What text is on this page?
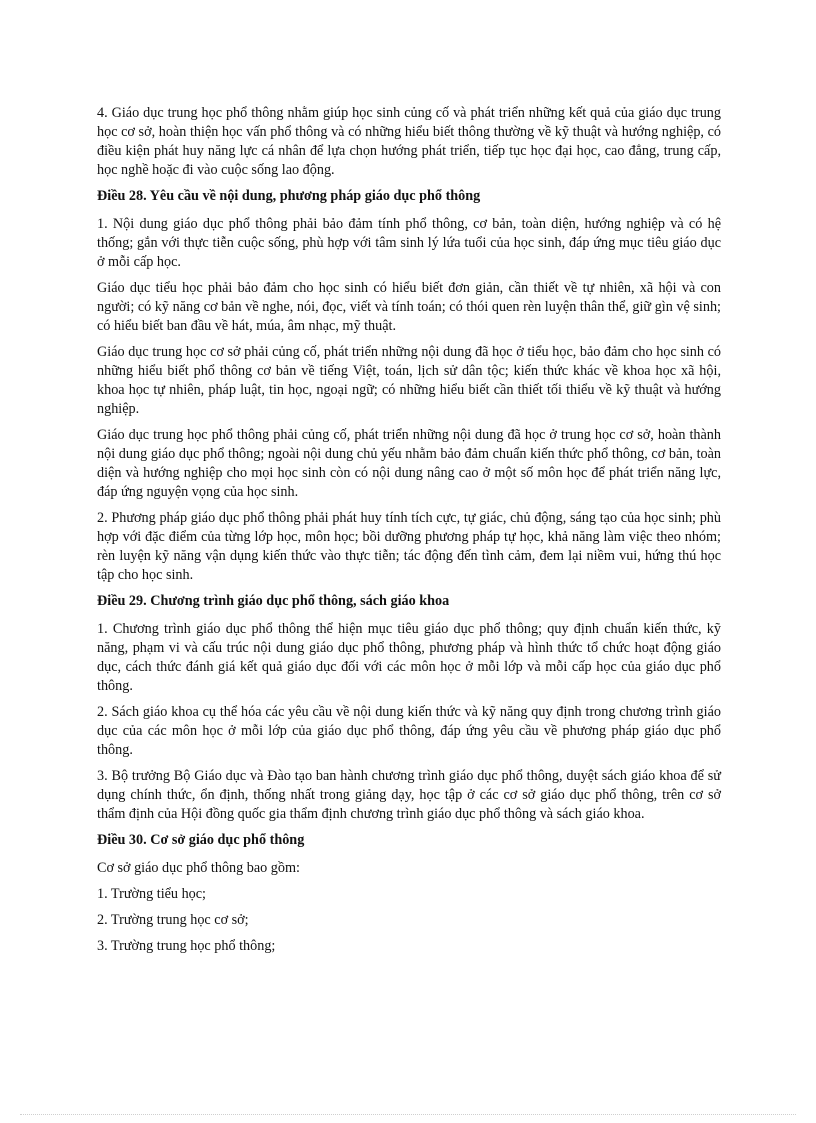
4. Giáo dục trung học phổ thông nhằm giúp học sinh củng cố và phát triển những kết quả của giáo dục trung học cơ sở, hoàn thiện học vấn phổ thông và có những hiểu biết thông thường về kỹ thuật và hướng nghiệp, có điều kiện phát huy năng lực cá nhân để lựa chọn hướng phát triển, tiếp tục học đại học, cao đẳng, trung cấp, học nghề hoặc đi vào cuộc sống lao động.

Điều 28. Yêu cầu về nội dung, phương pháp giáo dục phổ thông

1. Nội dung giáo dục phổ thông phải bảo đảm tính phổ thông, cơ bản, toàn diện, hướng nghiệp và có hệ thống; gắn với thực tiễn cuộc sống, phù hợp với tâm sinh lý lứa tuổi của học sinh, đáp ứng mục tiêu giáo dục ở mỗi cấp học.

Giáo dục tiểu học phải bảo đảm cho học sinh có hiểu biết đơn giản, cần thiết về tự nhiên, xã hội và con người; có kỹ năng cơ bản về nghe, nói, đọc, viết và tính toán; có thói quen rèn luyện thân thể, giữ gìn vệ sinh; có hiểu biết ban đầu về hát, múa, âm nhạc, mỹ thuật.

Giáo dục trung học cơ sở phải củng cố, phát triển những nội dung đã học ở tiểu học, bảo đảm cho học sinh có những hiểu biết phổ thông cơ bản về tiếng Việt, toán, lịch sử dân tộc; kiến thức khác về khoa học xã hội, khoa học tự nhiên, pháp luật, tin học, ngoại ngữ; có những hiểu biết cần thiết tối thiểu về kỹ thuật và hướng nghiệp.

Giáo dục trung học phổ thông phải củng cố, phát triển những nội dung đã học ở trung học cơ sở, hoàn thành nội dung giáo dục phổ thông; ngoài nội dung chủ yếu nhằm bảo đảm chuẩn kiến thức phổ thông, cơ bản, toàn diện và hướng nghiệp cho mọi học sinh còn có nội dung nâng cao ở một số môn học để phát triển năng lực, đáp ứng nguyện vọng của học sinh.

2. Phương pháp giáo dục phổ thông phải phát huy tính tích cực, tự giác, chủ động, sáng tạo của học sinh; phù hợp với đặc điểm của từng lớp học, môn học; bồi dưỡng phương pháp tự học, khả năng làm việc theo nhóm; rèn luyện kỹ năng vận dụng kiến thức vào thực tiễn; tác động đến tình cảm, đem lại niềm vui, hứng thú học tập cho học sinh.

Điều 29. Chương trình giáo dục phổ thông, sách giáo khoa

1. Chương trình giáo dục phổ thông thể hiện mục tiêu giáo dục phổ thông; quy định chuẩn kiến thức, kỹ năng, phạm vi và cấu trúc nội dung giáo dục phổ thông, phương pháp và hình thức tổ chức hoạt động giáo dục, cách thức đánh giá kết quả giáo dục đối với các môn học ở mỗi lớp và mỗi cấp học của giáo dục phổ thông.

2. Sách giáo khoa cụ thể hóa các yêu cầu về nội dung kiến thức và kỹ năng quy định trong chương trình giáo dục của các môn học ở mỗi lớp của giáo dục phổ thông, đáp ứng yêu cầu về phương pháp giáo dục phổ thông.

3. Bộ trưởng Bộ Giáo dục và Đào tạo ban hành chương trình giáo dục phổ thông, duyệt sách giáo khoa để sử dụng chính thức, ổn định, thống nhất trong giảng dạy, học tập ở các cơ sở giáo dục phổ thông, trên cơ sở thẩm định của Hội đồng quốc gia thẩm định chương trình giáo dục phổ thông và sách giáo khoa.

Điều 30. Cơ sở giáo dục phổ thông

Cơ sở giáo dục phổ thông bao gồm:

1. Trường tiểu học;

2. Trường trung học cơ sở;

3. Trường trung học phổ thông;
